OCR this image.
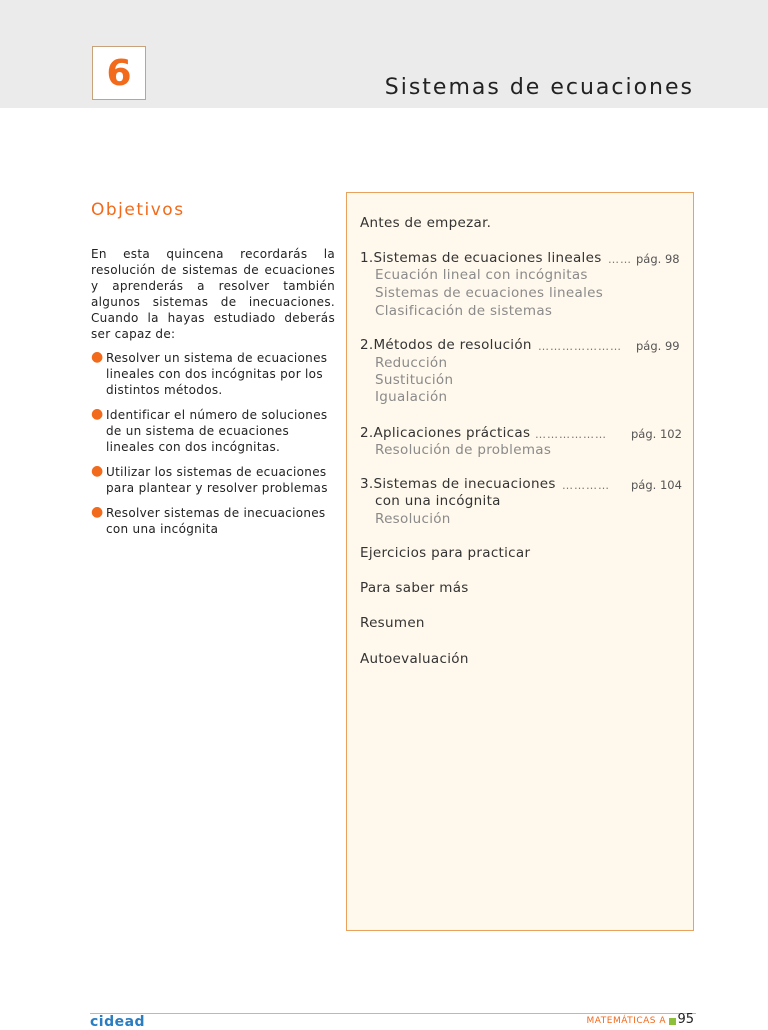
6	Sistemas de ecuaciones
Objetivos
En esta quincena recordarás la resolución de sistemas de ecuaciones y aprenderás a resolver también algunos sistemas de inecuaciones. Cuando la hayas estudiado deberás ser capaz de:
● Resolver un sistema de ecuaciones lineales con dos incógnitas por los distintos métodos.
● Identificar el número de soluciones de un sistema de ecuaciones lineales con dos incógnitas.
● Utilizar los sistemas de ecuaciones para plantear y resolver problemas
● Resolver sistemas de inecuaciones con una incógnita
Antes de empezar.
1.Sistemas de ecuaciones lineales …… pág. 98
Ecuación lineal con incógnitas
Sistemas de ecuaciones lineales
Clasificación de sistemas
2.Métodos de resolución ………………… pág. 99
Reducción
Sustitución
Igualación
2.Aplicaciones prácticas ……………… pág. 102
Resolución de problemas
3.Sistemas de inecuaciones ………… pág. 104
con una incógnita
Resolución
Ejercicios para practicar
Para saber más
Resumen
Autoevaluación
cidead	MATEMÁTICAS A 95
